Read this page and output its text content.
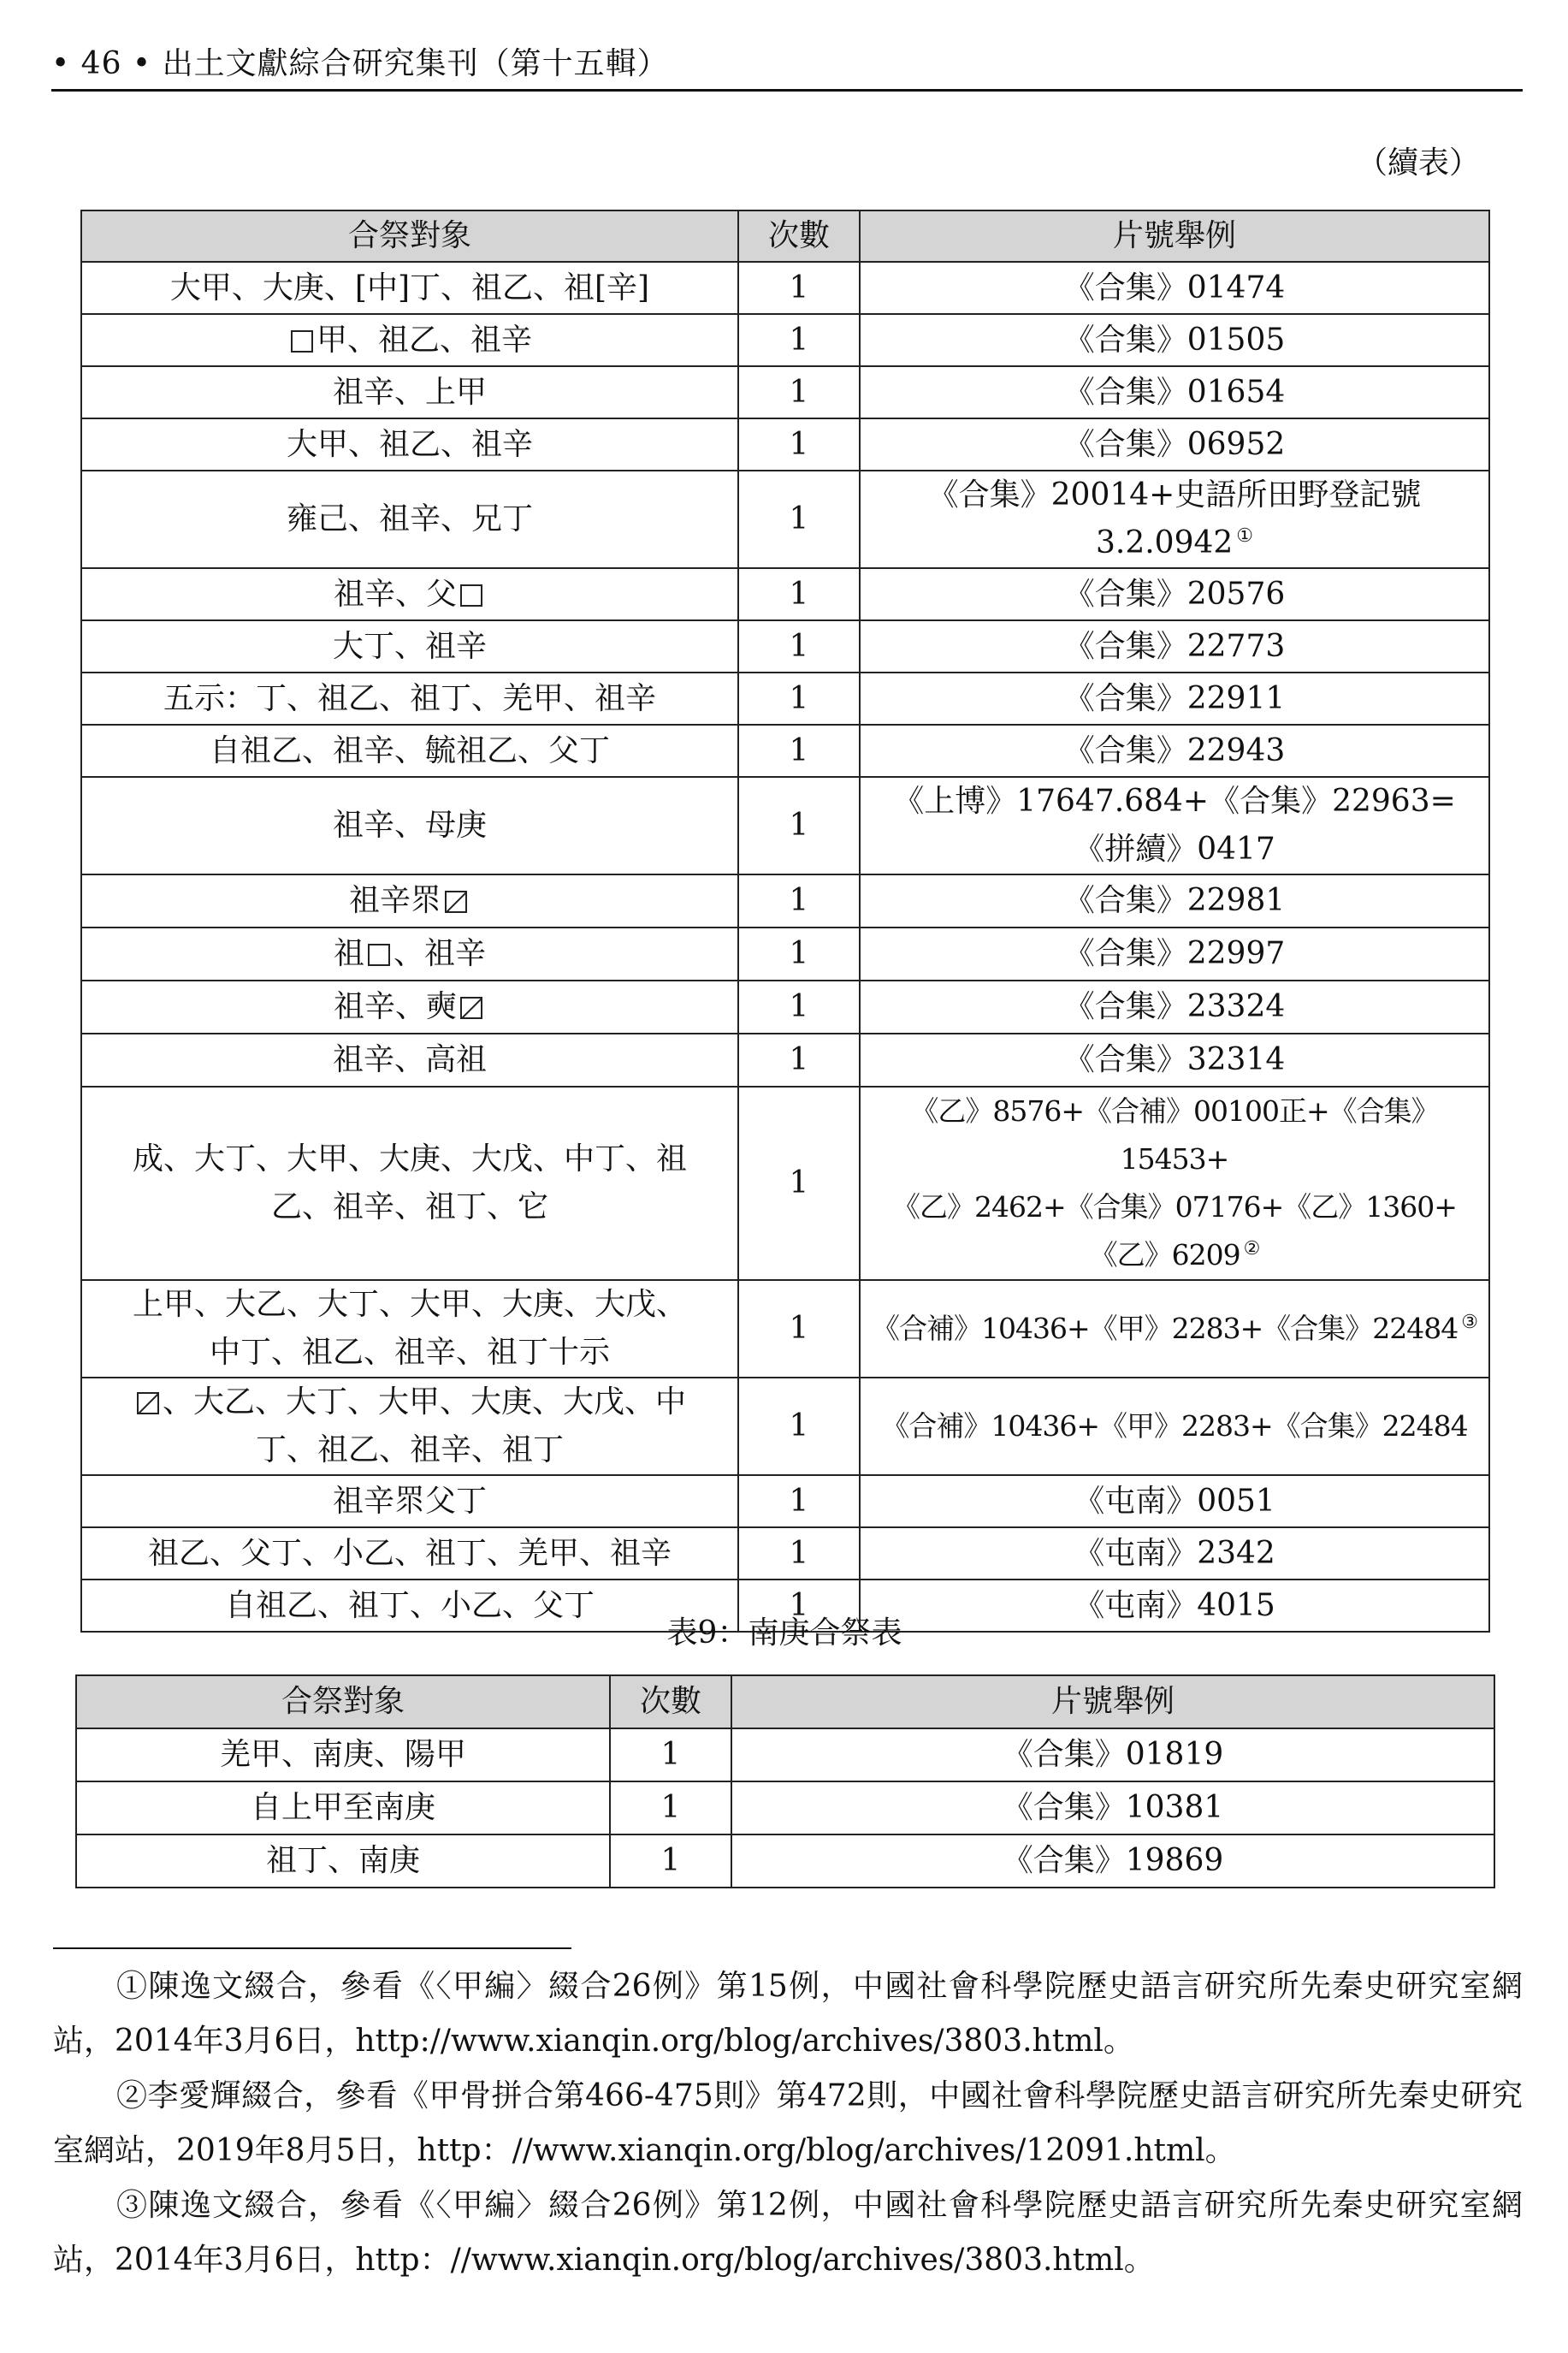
• 46 • 出土文獻綜合研究集刊（第十五輯）
（續表）
合祭對象	次數	片號舉例
大甲、大庚、[中]丁、祖乙、祖[辛]	1	《合集》01474
甲、祖乙、祖辛	1	《合集》01505
祖辛、上甲	1	《合集》01654
大甲、祖乙、祖辛	1	《合集》06952
雍己、祖辛、兄丁	1	《合集》20014+史語所田野登記號
3.2.0942 ①
祖辛、父	1	《合集》20576
大丁、祖辛	1	《合集》22773
五示：丁、祖乙、祖丁、羌甲、祖辛	1	《合集》22911
自祖乙、祖辛、毓祖乙、父丁	1	《合集》22943
祖辛、母庚	1	《上博》17647.684+《合集》22963=
《拼續》0417
祖辛眔	1	《合集》22981
祖 、祖辛	1	《合集》22997
祖辛、奭	1	《合集》23324
祖辛、高祖	1	《合集》32314
成、大丁、大甲、大庚、大戊、中丁、祖
乙、祖辛、祖丁、它	1	《乙》8576+《合補》00100正+《合集》15453+
《乙》2462+《合集》07176+《乙》1360+
《乙》6209 ②
上甲、大乙、大丁、大甲、大庚、大戊、
中丁、祖乙、祖辛、祖丁十示	1	《合補》10436+《甲》2283+《合集》22484 ③
、大乙、大丁、大甲、大庚、大戊、中
丁、祖乙、祖辛、祖丁	1	《合補》10436+《甲》2283+《合集》22484
祖辛眔父丁	1	《屯南》0051
祖乙、父丁、小乙、祖丁、羌甲、祖辛	1	《屯南》2342
自祖乙、祖丁、小乙、父丁	1	《屯南》4015
表9：南庚合祭表
合祭對象	次數	片號舉例
羌甲、南庚、陽甲	1	《合集》01819
自上甲至南庚	1	《合集》10381
祖丁、南庚	1	《合集》19869

①陳逸文綴合，參看《〈甲編〉綴合26例》第15例，中國社會科學院歷史語言研究所先秦史研究室網站，2014年3月6日，http://www.xianqin.org/blog/archives/3803.html。

②李愛輝綴合，參看《甲骨拼合第466-475則》第472則，中國社會科學院歷史語言研究所先秦史研究室網站，2019年8月5日，http：//www.xianqin.org/blog/archives/12091.html。

③陳逸文綴合，參看《〈甲編〉綴合26例》第12例，中國社會科學院歷史語言研究所先秦史研究室網站，2014年3月6日，http：//www.xianqin.org/blog/archives/3803.html。
